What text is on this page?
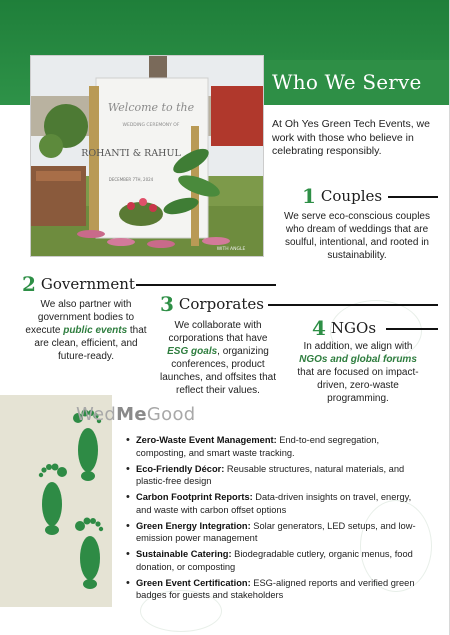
Welcome to the
WEDDING CEREMONY OF
ROHANTI & RAHUL
DECEMBER 7TH, 2024
WITH ANGLE
Who We Serve
At Oh Yes Green Tech Events, we work with those who believe in celebrating responsibly.
1 Couples
We serve eco-conscious couples who dream of weddings that are soulful, intentional, and rooted in sustainability.
2 Government
We also partner with government bodies to execute public events that are clean, efficient, and future-ready.
3 Corporates
We collaborate with corporations that have ESG goals, organizing conferences, product launches, and offsites that reflect their values.
4 NGOs
In addition, we align with NGOs and global forums that are focused on impact-driven, zero-waste programming.
WedMeGood
• Zero-Waste Event Management: End-to-end segregation, composting, and smart waste tracking.
• Eco-Friendly Décor: Reusable structures, natural materials, and plastic-free design
• Carbon Footprint Reports: Data-driven insights on travel, energy, and waste with carbon offset options
• Green Energy Integration: Solar generators, LED setups, and low-emission power management
• Sustainable Catering: Biodegradable cutlery, organic menus, food donation, or composting
• Green Event Certification: ESG-aligned reports and verified green badges for guests and stakeholders
